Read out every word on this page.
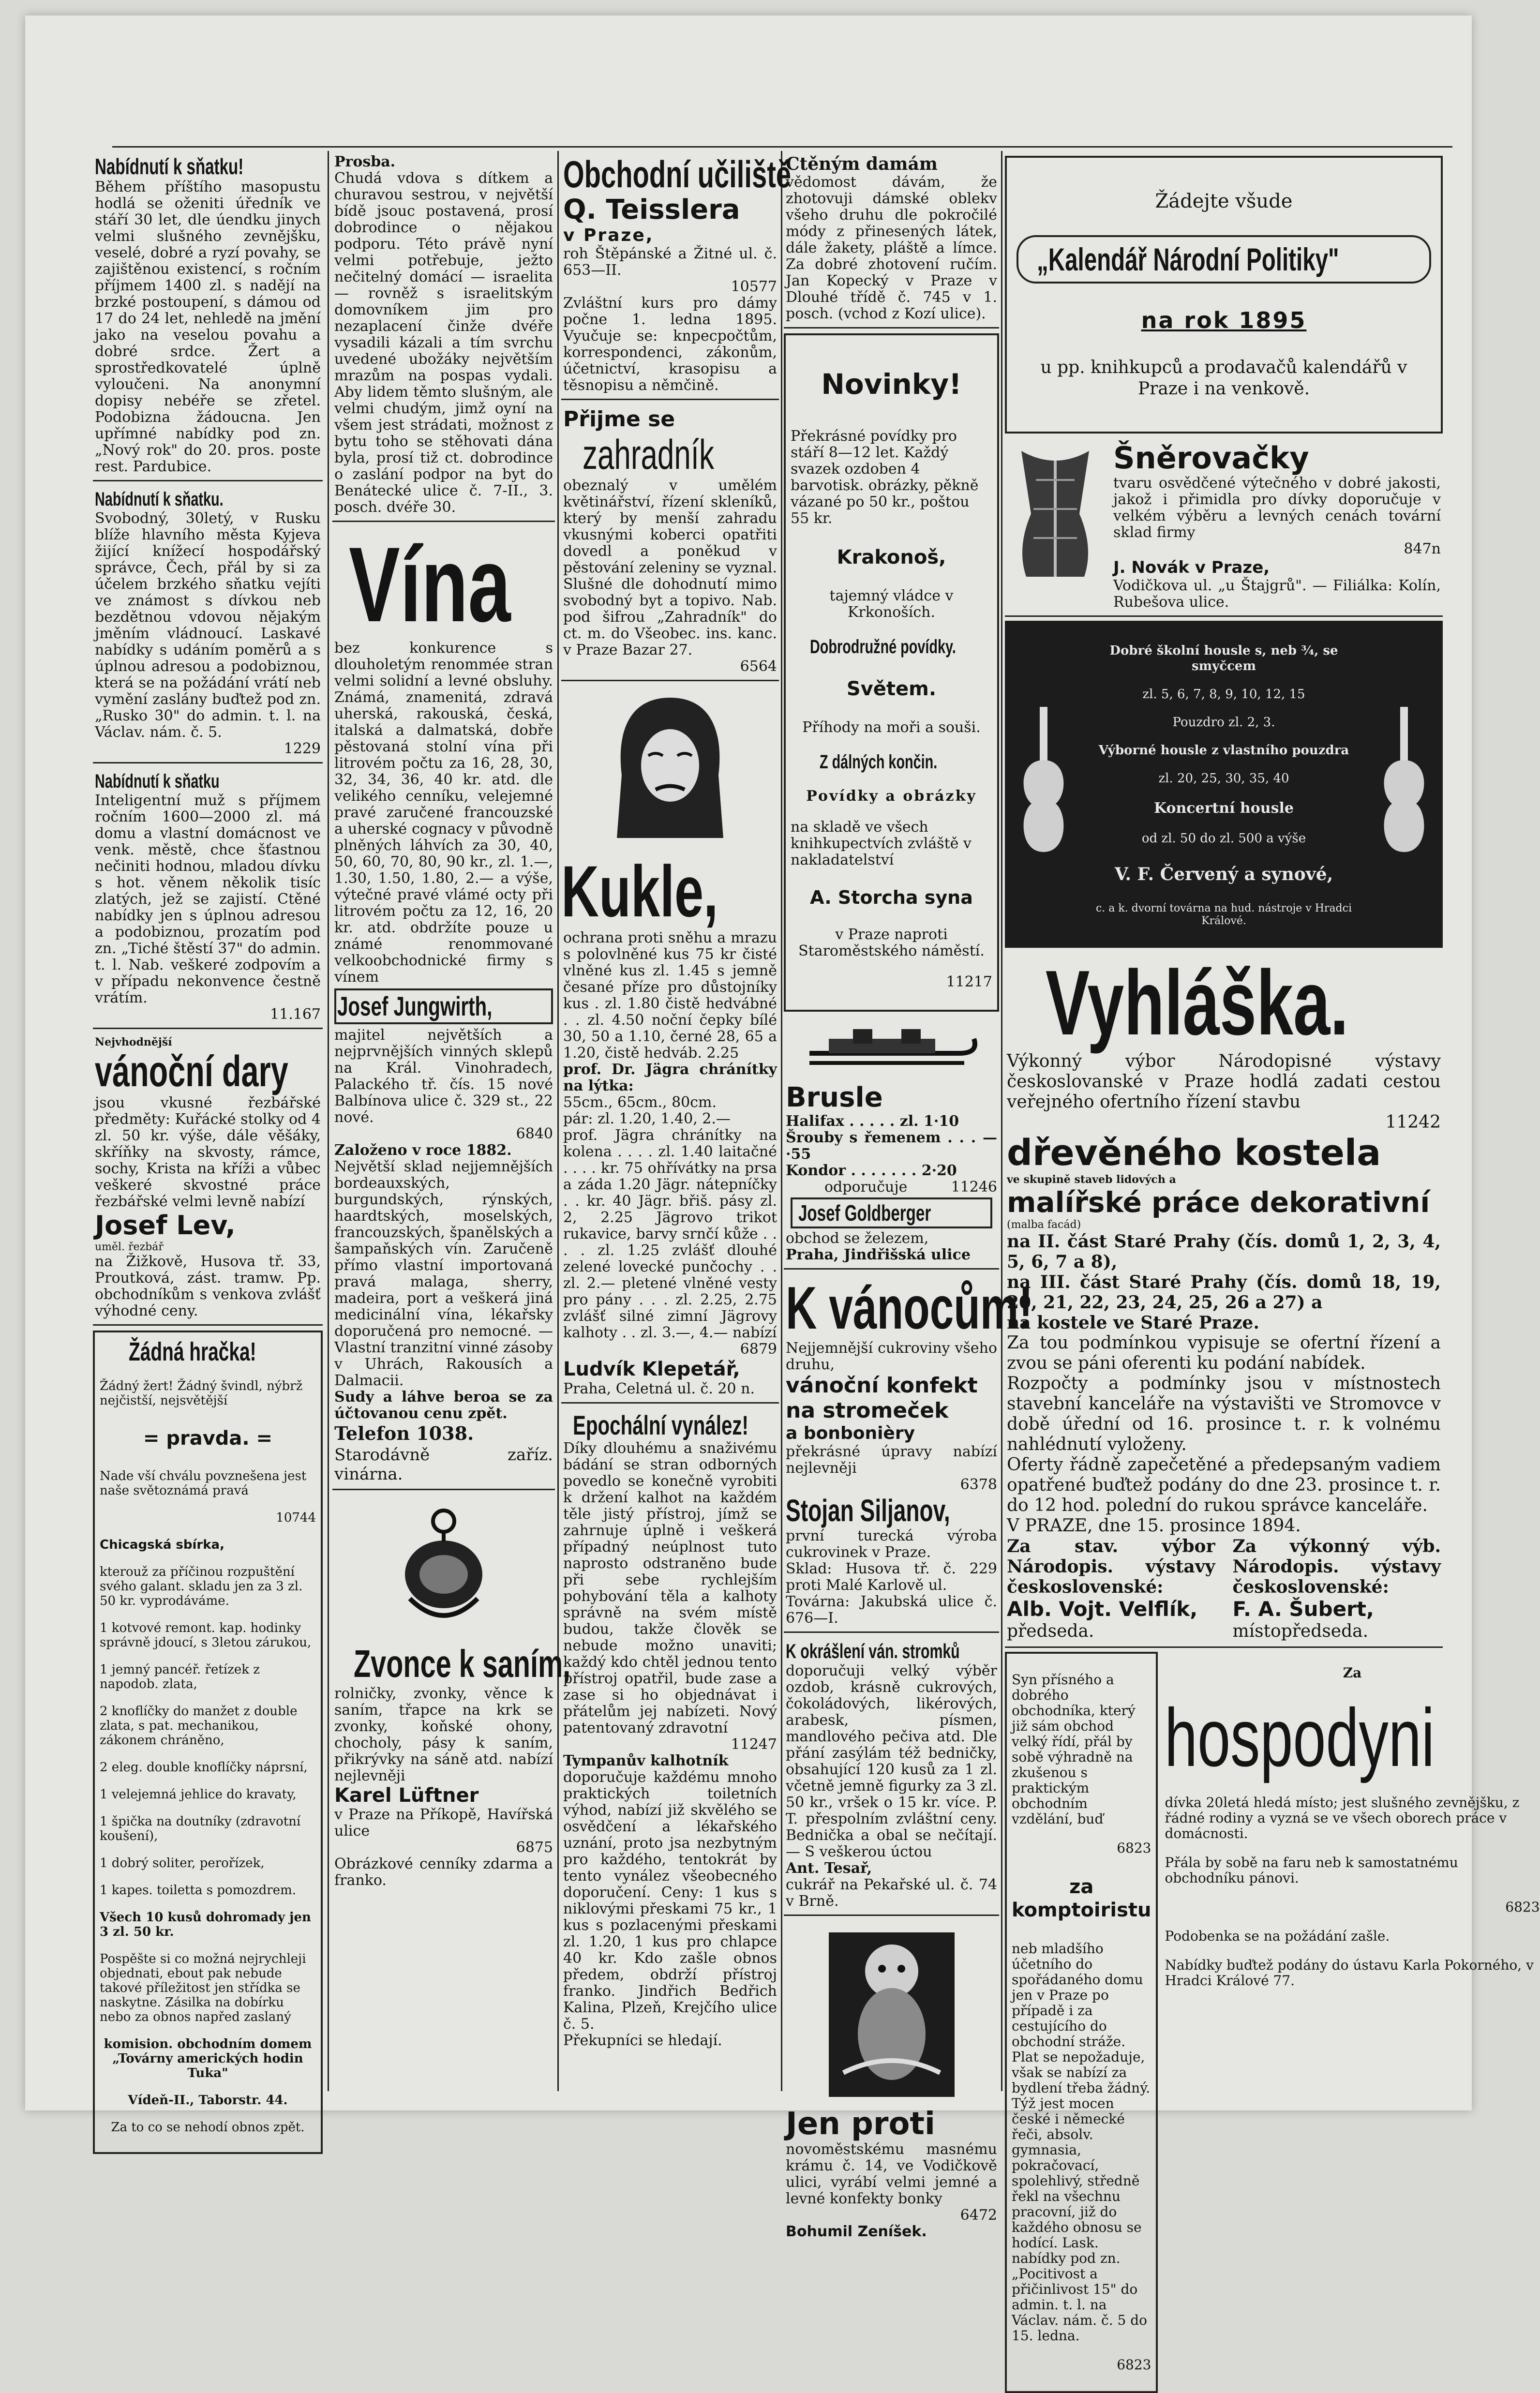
Nabídnutí k sňatku!

Během příštího masopustu hodlá se oženiti úředník ve stáří 30 let, dle úendku jinych velmi slušného zevnějšku, veselé, dobré a ryzí povahy, se zajištěnou existencí, s ročním příjmem 1400 zl. s nadějí na brzké postoupení, s dámou od 17 do 24 let, nehledě na jmění jako na veselou povahu a dobré srdce. Žert a sprostředkovatelé úplně vyloučeni. Na anonymní dopisy nebéře se zřetel. Podobizna žádoucna. Jen upřímné nabídky pod zn. „Nový rok" do 20. pros. poste rest. Pardubice.

Nabídnutí k sňatku.

Svobodný, 30letý, v Rusku blíže hlavního města Kyjeva žijící knížecí hospodářský správce, Čech, přál by si za účelem brzkého sňatku vejíti ve známost s dívkou neb bezdětnou vdovou nějakým jměním vládnoucí. Laskavé nabídky s udáním poměrů a s úplnou adresou a podobiznou, která se na požádání vrátí neb vymění zaslány buďtež pod zn. „Rusko 30" do admin. t. l. na Václav. nám. č. 5.

1229

Nabídnutí k sňatku

Inteligentní muž s příjmem ročním 1600—2000 zl. má domu a vlastní domácnost ve venk. městě, chce šťastnou nečiniti hodnou, mladou dívku s hot. věnem několik tisíc zlatých, jež se zajistí. Ctěné nabídky jen s úplnou adresou a podobiznou, prozatím pod zn. „Tiché štěstí 37" do admin. t. l. Nab. veškeré zodpovím a v případu nekonvence čestně vrátím.

11.167

Nejvhodnější

vánoční dary

jsou vkusné řezbářské předměty: Kuřácké stolky od 4 zl. 50 kr. výše, dále věšáky, skříňky na skvosty, rámce, sochy, Krista na kříži a vůbec veškeré skvostné práce řezbářské velmi levně nabízí

Josef Lev,

uměl. řezbář

na Žižkově, Husova tř. 33, Proutková, zást. tramw. Pp. obchodníkům s venkova zvlášť výhodné ceny.

Žádná hračka!

Žádný žert! Žádný švindl, nýbrž nejčistší, nejsvětější

= pravda. =

Nade vší chválu povznešena jest naše světoznámá pravá

10744

Chicagská sbírka,

kterouž za příčinou rozpuštění svého galant. skladu jen za 3 zl. 50 kr. vyprodáváme.

1 kotvové remont. kap. hodinky správně jdoucí, s 3letou zárukou,

1 jemný pancéř. řetízek z napodob. zlata,

2 knoflíčky do manžet z double zlata, s pat. mechanikou, zákonem chráněno,

2 eleg. double knoflíčky náprsní,

1 velejemná jehlice do kravaty,

1 špička na doutníky (zdravotní koušení),

1 dobrý soliter, perořízek,

1 kapes. toiletta s pomozdrem.

Všech 10 kusů dohromady jen 3 zl. 50 kr.

Pospěšte si co možná nejrychleji objednati, ebout pak nebude takové příležitost jen střídka se naskytne. Zásilka na dobírku nebo za obnos napřed zaslaný

komision. obchodním domem „Továrny amerických hodin Tuka"

Vídeň-II., Taborstr. 44.

Za to co se nehodí obnos zpět.

Prosba.

Chudá vdova s dítkem a churavou sestrou, v největší bídě jsouc postavená, prosí dobrodince o nějakou podporu. Této právě nyní velmi potřebuje, ježto nečitelný domácí — israelita — rovněž s israelitským domovníkem jim pro nezaplacení činže dvéře vysadili kázali a tím svrchu uvedené ubožáky největším mrazům na pospas vydali. Aby lidem těmto slušným, ale velmi chudým, jimž oyní na všem jest strádati, možnost z bytu toho se stěhovati dána byla, prosí tiž ct. dobrodince o zaslání podpor na byt do Benátecké ulice č. 7-II., 3. posch. dvéře 30.

Vína

bez konkurence s dlouholetým renommée stran velmi solidní a levné obsluhy. Známá, znamenitá, zdravá uherská, rakouská, česká, italská a dalmatská, dobře pěstovaná stolní vína při litrovém počtu za 16, 28, 30, 32, 34, 36, 40 kr. atd. dle velikého cenníku, velejemné pravé zaručené francouzské a uherské cognacy v původně plněných láhvích za 30, 40, 50, 60, 70, 80, 90 kr., zl. 1.—, 1.30, 1.50, 1.80, 2.— a výše, výtečné pravé vlámé octy při litrovém počtu za 12, 16, 20 kr. atd. obdržíte pouze u známé renommované velkoobchodnické firmy s vínem

Josef Jungwirth,

majitel největších a nejprvnějších vinných sklepů na Král. Vinohradech, Palackého tř. čís. 15 nové Balbínova ulice č. 329 st., 22 nové.

6840

Založeno v roce 1882.

Největší sklad nejjemnějších bordeauxských, burgundských, rýnských, haardtských, moselských, francouzských, španělských a šampaňských vín. Zaručeně přímo vlastní importovaná pravá malaga, sherry, madeira, port a veškerá jiná medicinální vína, lékařsky doporučená pro nemocné. — Vlastní tranzitní vinné zásoby v Uhrách, Rakousích a Dalmacii.

Sudy a láhve beroa se za účtovanou cenu zpět.

Telefon 1038.

Starodávně zaříz. vinárna.

Zvonce k saním,

rolničky, zvonky, věnce k saním, třapce na krk se zvonky, koňské ohony, chocholy, pásy k saním, přikrývky na sáně atd. nabízí nejlevněji

Karel Lüftner

v Praze na Příkopě, Havířská ulice

6875

Obrázkové cenníky zdarma a franko.

Obchodní učiliště

Q. Teisslera

v Praze,

roh Štěpánské a Žitné ul. č. 653—II.

10577

Zvláštní kurs pro dámy počne 1. ledna 1895. Vyučuje se: knpecpočtům, korrespondenci, zákonům, účetnictví, krasopisu a těsnopisu a němčině.

Přijme se

zahradník

obeznalý v umělém květinářství, řízení skleníků, který by menší zahradu vkusnými koberci opatřiti dovedl a poněkud v pěstování zeleniny se vyznal. Slušné dle dohodnutí mimo svobodný byt a topivo. Nab. pod šifrou „Zahradník" do ct. m. do Všeobec. ins. kanc. v Praze Bazar 27.

6564

Kukle,

ochrana proti sněhu a mrazu s polovlněné kus 75 kr čisté vlněné kus zl. 1.45 s jemně česané příze pro důstojníky kus . zl. 1.80 čistě hedvábné . . zl. 4.50 noční čepky bílé 30, 50 a 1.10, černé 28, 65 a 1.20, čistě hedváb. 2.25

prof. Dr. Jägra chránítky na lýtka:

55cm., 65cm., 80cm.

pár: zl. 1.20, 1.40, 2.—

prof. Jägra chránítky na kolena . . . . zl. 1.40 laitačné . . . . kr. 75 ohřívátky na prsa a záda 1.20 Jägr. nátepníčky . . kr. 40 Jägr. břiš. pásy zl. 2, 2.25 Jägrovo trikot rukavice, barvy srnčí kůže . . . . zl. 1.25 zvlášť dlouhé zelené lovecké punčochy . . zl. 2.— pletené vlněné vesty pro pány . . . zl. 2.25, 2.75 zvlášť silné zimní Jägrovy kalhoty . . zl. 3.—, 4.— nabízí

6879

Ludvík Klepetář,

Praha, Celetná ul. č. 20 n.

Epochální vynález!

Díky dlouhému a snaživému bádání se stran odborných povedlo se konečně vyrobiti k držení kalhot na každém těle jistý přístroj, jímž se zahrnuje úplně i veškerá případný neúplnost tuto naprosto odstraněno bude při sebe rychlejším pohybování těla a kalhoty správně na svém místě budou, takže člověk se nebude možno unaviti; každý kdo chtěl jednou tento přístroj opatřil, bude zase a zase si ho objednávat i přátelům jej nabízeti. Nový patentovaný zdravotní

11247

Tympanův kalhotník

doporučuje každému mnoho praktických toiletních výhod, nabízí již skvělého se osvědčení a lékařského uznání, proto jsa nezbytným pro každého, tentokrát by tento vynález všeobecného doporučení. Ceny: 1 kus s niklovými přeskami 75 kr., 1 kus s pozlacenými přeskami zl. 1.20, 1 kus pro chlapce 40 kr. Kdo zašle obnos předem, obdrží přístroj franko. Jindřich Bedřich Kalina, Plzeň, Krejčího ulice č. 5.

Překupníci se hledají.

Ctěným damám

vědomost dávám, že zhotovuji dámské oblekv všeho druhu dle pokročilé módy z přinesených látek, dále žakety, pláště a límce. Za dobré zhotovení ručím. Jan Kopecký v Praze v Dlouhé třídě č. 745 v 1. posch. (vchod z Kozí ulice).

Novinky!

Překrásné povídky pro stáří 8—12 let. Každý svazek ozdoben 4 barvotisk. obrázky, pěkně vázané po 50 kr., poštou 55 kr.

Krakonoš,

tajemný vládce v Krkonoších.

Dobrodružné povídky.

Světem.

Příhody na moři a souši.

Z dálných končin.

Povídky a obrázky

na skladě ve všech knihkupectvích zvláště v nakladatelství

A. Storcha syna

v Praze naproti Staroměstského náměstí.

11217

Brusle

Halifax . . . . . zl. 1·10

Šrouby s řemenem . . . —·55

Kondor . . . . . . . 2·20

odporučuje	11246
Josef Goldberger

obchod se železem,

Praha, Jindřišská ulice

K vánocům!

Nejjemnější cukroviny všeho druhu,

vánoční konfekt

na stromeček

a bonbonièry

překrásné úpravy nabízí nejlevněji

6378

Stojan Siljanov,

první turecká výroba cukrovinek v Praze.

Sklad: Husova tř. č. 229 proti Malé Karlově ul.

Továrna: Jakubská ulice č. 676—I.

K okrášlení ván. stromků

doporučuji velký výběr ozdob, krásně cukrových, čokoládových, likérových, arabesk, písmen, mandlového pečiva atd. Dle přání zasýlám též bedničky, obsahující 120 kusů za 1 zl. včetně jemně figurky za 3 zl. 50 kr., vršek o 15 kr. více. P. T. přespolním zvláštní ceny. Bednička a obal se nečítají. — S veškerou úctou

Ant. Tesař,

cukrář na Pekařské ul. č. 74 v Brně.

Jen proti

novoměstskému masnému krámu č. 14, ve Vodičkově ulici, vyrábí velmi jemné a levné konfekty bonky

6472

Bohumil Zeníšek.

Žádejte všude

„Kalendář Národní Politiky"

na rok 1895

u pp. knihkupců a prodavačů kalendářů v Praze i na venkově.

Šněrovačky

tvaru osvědčené výtečného v dobré jakosti, jakož i přimidla pro dívky doporučuje v velkém výběru a levných cenách tovární sklad firmy

847n

J. Novák v Praze,

Vodičkova ul. „u Štajgrů". — Filiálka: Kolín, Rubešova ulice.

Dobré školní housle s, neb ¾, se smyčcem

zl. 5, 6, 7, 8, 9, 10, 12, 15

Pouzdro zl. 2, 3.

Výborné housle z vlastního pouzdra

zl. 20, 25, 30, 35, 40

Koncertní housle

od zl. 50 do zl. 500 a výše

V. F. Červený a synové,

c. a k. dvorní továrna na hud. nástroje v Hradci Králové.

Vyhláška.

Výkonný výbor Národopisné výstavy českoslovanské v Praze hodlá zadati cestou veřejného ofertního řízení stavbu

11242

dřevěného kostela

ve skupině staveb lidových a

malířské práce dekorativní

(malba facád)

na II. část Staré Prahy (čís. domů 1, 2, 3, 4, 5, 6, 7 a 8),

na III. část Staré Prahy (čís. domů 18, 19, 20, 21, 22, 23, 24, 25, 26 a 27) a

na kostele ve Staré Praze.

Za tou podmínkou vypisuje se ofertní řízení a zvou se páni oferenti ku podání nabídek.

Rozpočty a podmínky jsou v místnostech stavební kanceláře na výstavišti ve Stromovce v době úřední od 16. prosince t. r. k volnému nahlédnutí vyloženy.

Oferty řádně zapečetěné a předepsaným vadiem opatřené buďtež podány do dne 23. prosince t. r. do 12 hod. polední do rukou správce kanceláře.

V PRAZE, dne 15. prosince 1894.

Za stav. výbor Národopis. výstavy československé:

Alb. Vojt. Velflík,

předseda.

Za výkonný výb. Národopis. výstavy československé:

F. A. Šubert,

místopředseda.

Syn přísného a dobrého obchodníka, který již sám obchod velký řídí, přál by sobě výhradně na zkušenou s praktickým obchodním vzdělání, buď

6823

za komptoiristu

neb mladšího účetního do spořádaného domu jen v Praze po případě i za cestujícího do obchodní stráže. Plat se nepožaduje, však se nabízí za bydlení třeba žádný. Týž jest mocen české i německé řeči, absolv. gymnasia, pokračovací, spolehlivý, středně řekl na všechnu pracovní, již do každého obnosu se hodící. Lask. nabídky pod zn. „Pocitivost a přičinlivost 15" do admin. t. l. na Václav. nám. č. 5 do 15. ledna.

6823

Za

hospodyni

dívka 20letá hledá místo; jest slušného zevnějšku, z řádné rodiny a vyzná se ve všech oborech práce v domácnosti.

Přála by sobě na faru neb k samostatnému obchodníku pánovi.

6823

Podobenka se na požádání zašle.

Nabídky buďtež podány do ústavu Karla Pokorného, v Hradci Králové 77.
